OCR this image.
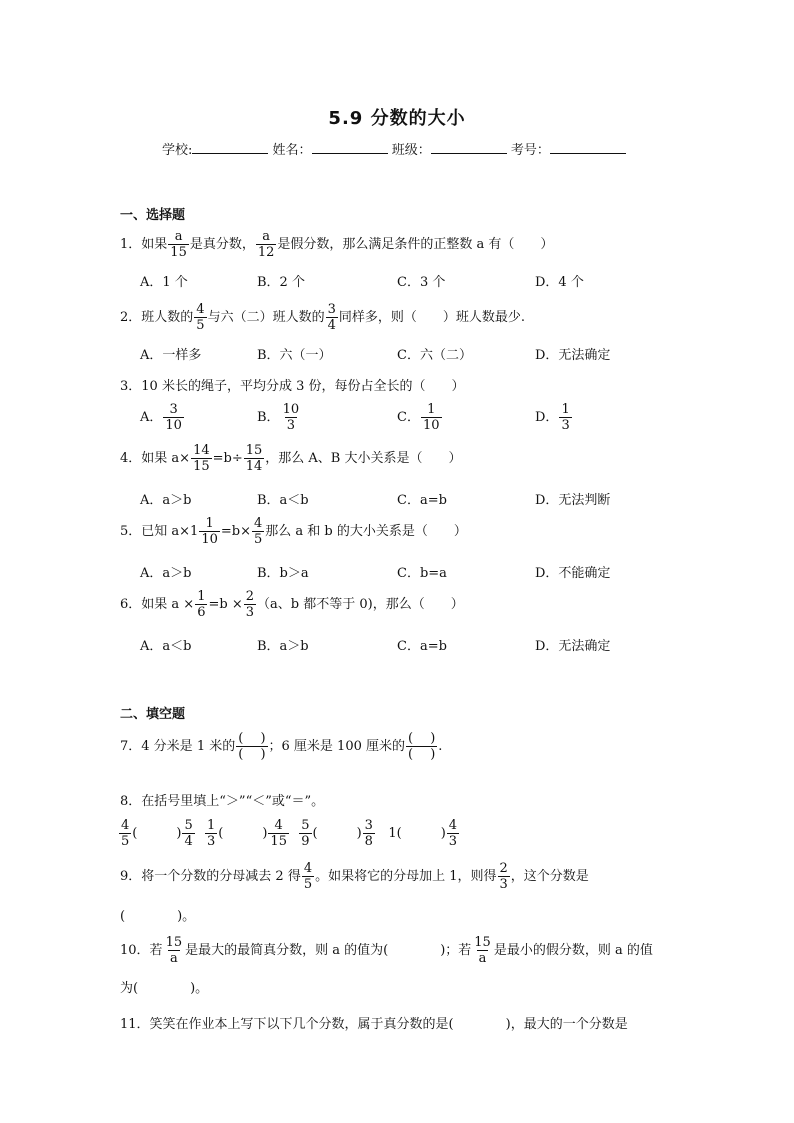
5.9 分数的大小
学校:	姓名：	班级：	考号：
一、选择题
1．如果 $\frac{a}{15}$ 是真分数， $\frac{a}{12}$ 是假分数，那么满足条件的正整数 a 有（　　）
A．1 个	B．2 个	C．3 个	D．4 个
2．班人数的 $\frac{4}{5}$ 与六（二）班人数的 $\frac{3}{4}$ 同样多，则（　　）班人数最少.
A．一样多	B．六（一）	C．六（二）	D．无法确定
3．10 米长的绳子，平均分成 3 份，每份占全长的（　　）
A． $\frac{3}{10}$	B． $\frac{10}{3}$	C． $\frac{1}{10}$	D． $\frac{1}{3}$
4．如果 $a\times \frac{14}{15} =b\div \frac{15}{14}$ ，那么 A、B 大小关系是（　　）
A．a＞b	B．a＜b	C．a=b	D．无法判断
5．已知 $a\times 1 \frac{1}{10} =b\times \frac{4}{5}$ 那么 a 和 b 的大小关系是（　　）
A．a＞b	B．b＞a	C．b=a	D．不能确定
6．如果 $a \times \frac{1}{6} =b \times \frac{2}{3} (a$、b 都不等于 0)，那么（　　）
A．a＜b	B．a＞b	C．a=b	D．无法确定
二、填空题
7．4 分米是 1 米的 $\frac{( )}{( )}$ ；6 厘米是 100 厘米的 $\frac{( )}{( )}$ .
8．在括号里填上“＞”“＜”或“＝”。
$\frac{4}{5}$ (　　　) $\frac{5}{4}$
$\frac{1}{3}$ (　　　) $\frac{4}{15}$
$\frac{5}{9}$ (　　　) $\frac{3}{8} 1$(　　　) $\frac{4}{3}$
9．将一个分数的分母减去 2 得 $\frac{4}{5}$ 。如果将它的分母加上 1，则得 $\frac{2}{3}$ ，这个分数是
(　　　　)。
10．若 $\frac{15}{a}$ 是最大的最简真分数，则 a 的值为(　　　　)；若 $\frac{15}{a}$ 是最小的假分数，则 a 的值
为(　　　　)。
11．笑笑在作业本上写下以下几个分数，属于真分数的是(　　　　)，最大的一个分数是
